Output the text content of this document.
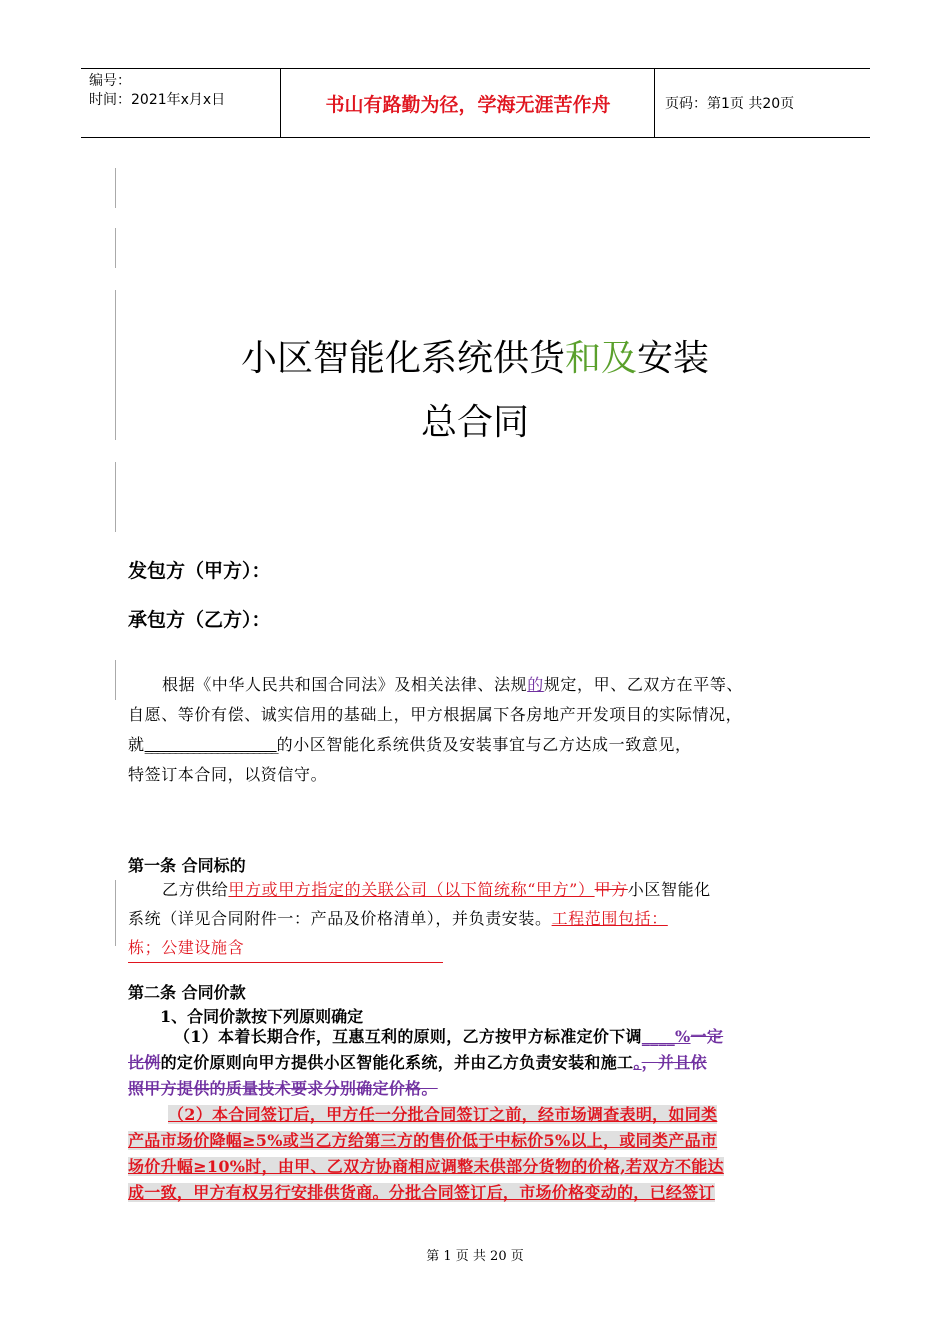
编号：
时间：2021年x月x日	书山有路勤为径，学海无涯苦作舟	页码：第1页 共20页
小区智能化系统供货和及安装
总合同
发包方（甲方）：
承包方（乙方）：
根据《中华人民共和国合同法》及相关法律、法规的规定，甲、乙双方在平等、
自愿、等价有偿、诚实信用的基础上，甲方根据属下各房地产开发项目的实际情况，
就______________________的小区智能化系统供货及安装事宜与乙方达成一致意见，
特签订本合同，以资信守。
第一条 合同标的
乙方供给甲方或甲方指定的关联公司（以下简统称“甲方”）甲方小区智能化
系统（详见合同附件一：产品及价格清单），并负责安装。工程范围包括：
栋；公建设施含
第二条 合同价款
1、合同价款按下列原则确定
（1）本着长期合作，互惠互利的原则，乙方按甲方标准定价下调____%一定
比例的定价原则向甲方提供小区智能化系统，并由乙方负责安装和施工。，并且依
照甲方提供的质量技术要求分别确定价格。
（2）本合同签订后，甲方任一分批合同签订之前，经市场调查表明，如同类
产品市场价降幅≥5%或当乙方给第三方的售价低于中标价5%以上，或同类产品市
场价升幅≥10%时，由甲、乙双方协商相应调整未供部分货物的价格,若双方不能达
成一致，甲方有权另行安排供货商。分批合同签订后，市场价格变动的，已经签订
第 1 页 共 20 页
